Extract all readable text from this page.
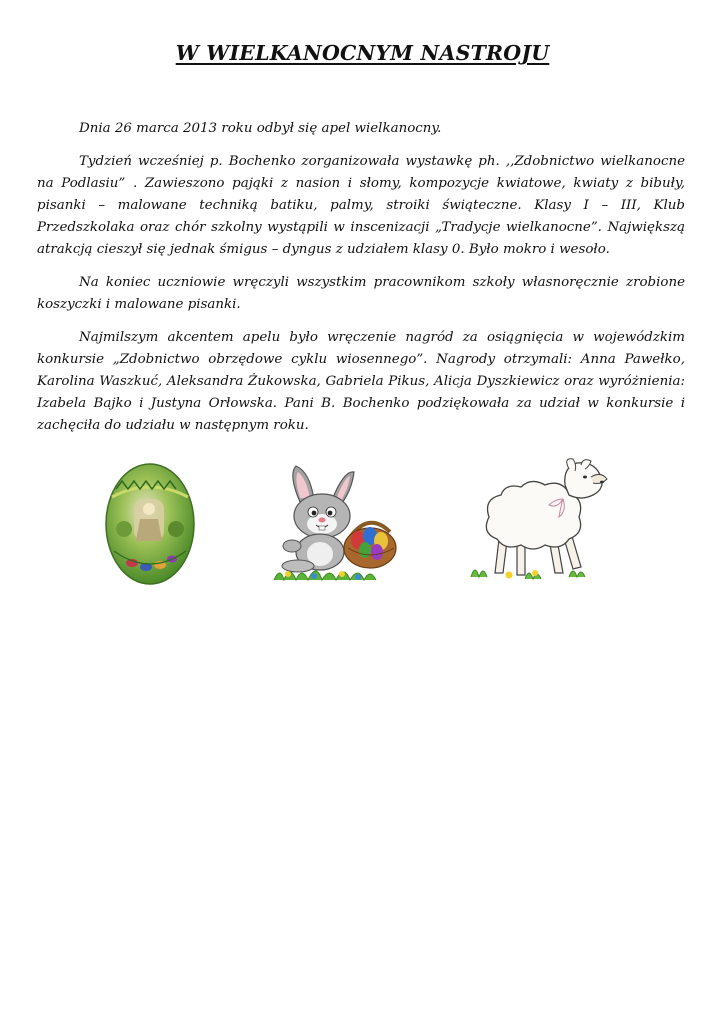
W WIELKANOCNYM NASTROJU

Dnia 26 marca 2013 roku odbył się apel wielkanocny.

Tydzień wcześniej p. Bochenko zorganizowała wystawkę ph. ,,Zdobnictwo wielkanocne na Podlasiu” . Zawieszono pająki z nasion i słomy, kompozycje kwiatowe, kwiaty z bibuły, pisanki – malowane techniką batiku, palmy, stroiki świąteczne. Klasy I – III, Klub Przedszkolaka oraz chór szkolny wystąpili w inscenizacji „Tradycje wielkanocne”. Największą atrakcją cieszył się jednak śmigus – dyngus z udziałem klasy 0. Było mokro i wesoło.

Na koniec uczniowie wręczyli wszystkim pracownikom szkoły własnoręcznie zrobione koszyczki i malowane pisanki.

Najmilszym akcentem apelu było wręczenie nagród za osiągnięcia w wojewódzkim konkursie „Zdobnictwo obrzędowe cyklu wiosennego”. Nagrody otrzymali: Anna Pawełko, Karolina Waszkuć, Aleksandra Żukowska, Gabriela Pikus, Alicja Dyszkiewicz oraz wyróżnienia: Izabela Bajko i Justyna Orłowska. Pani B. Bochenko podziękowała za udział w konkursie i zachęciła do udziału w następnym roku.
